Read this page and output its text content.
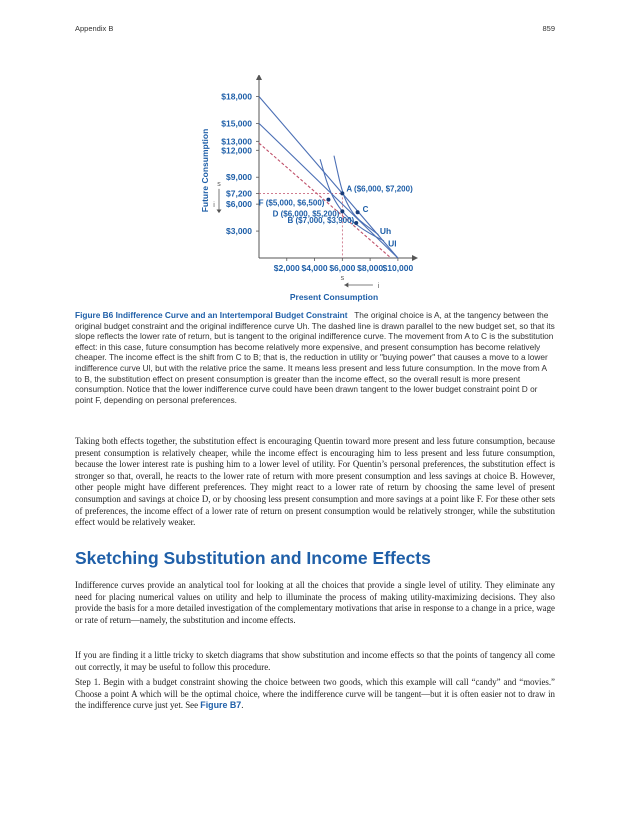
Appendix B	859
$18,000
$15,000
$13,000
$12,000
$9,000
$7,200
$6,000
$3,000
$2,000 $4,000 $6,000 $8,000 $10,000
Future Consumption
Present Consumption
s
i
s
i
Uh
Ul
A ($6,000, $7,200)
F ($5,000, $6,500)
C
D ($6,000, $5,200)
B ($7,000, $3,900)

Figure B6 Indifference Curve and an Intertemporal Budget Constraint The original choice is A, at the tangency between the original budget constraint and the original indifference curve Uh. The dashed line is drawn parallel to the new budget set, so that its slope reflects the lower rate of return, but is tangent to the original indifference curve. The movement from A to C is the substitution effect: in this case, future consumption has become relatively more expensive, and present consumption has become relatively cheaper. The income effect is the shift from C to B; that is, the reduction in utility or "buying power" that causes a move to a lower indifference curve Ul, but with the relative price the same. It means less present and less future consumption. In the move from A to B, the substitution effect on present consumption is greater than the income effect, so the overall result is more present consumption. Notice that the lower indifference curve could have been drawn tangent to the lower budget constraint point D or point F, depending on personal preferences.

Taking both effects together, the substitution effect is encouraging Quentin toward more present and less future consumption, because present consumption is relatively cheaper, while the income effect is encouraging him to less present and less future consumption, because the lower interest rate is pushing him to a lower level of utility. For Quentin’s personal preferences, the substitution effect is stronger so that, overall, he reacts to the lower rate of return with more present consumption and less savings at choice B. However, other people might have different preferences. They might react to a lower rate of return by choosing the same level of present consumption and savings at choice D, or by choosing less present consumption and more savings at a point like F. For these other sets of preferences, the income effect of a lower rate of return on present consumption would be relatively stronger, while the substitution effect would be relatively weaker.

Sketching Substitution and Income Effects

Indifference curves provide an analytical tool for looking at all the choices that provide a single level of utility. They eliminate any need for placing numerical values on utility and help to illuminate the process of making utility-maximizing decisions. They also provide the basis for a more detailed investigation of the complementary motivations that arise in response to a change in a price, wage or rate of return—namely, the substitution and income effects.

If you are finding it a little tricky to sketch diagrams that show substitution and income effects so that the points of tangency all come out correctly, it may be useful to follow this procedure.

Step 1. Begin with a budget constraint showing the choice between two goods, which this example will call “candy” and “movies.” Choose a point A which will be the optimal choice, where the indifference curve will be tangent—but it is often easier not to draw in the indifference curve just yet. See Figure B7.
